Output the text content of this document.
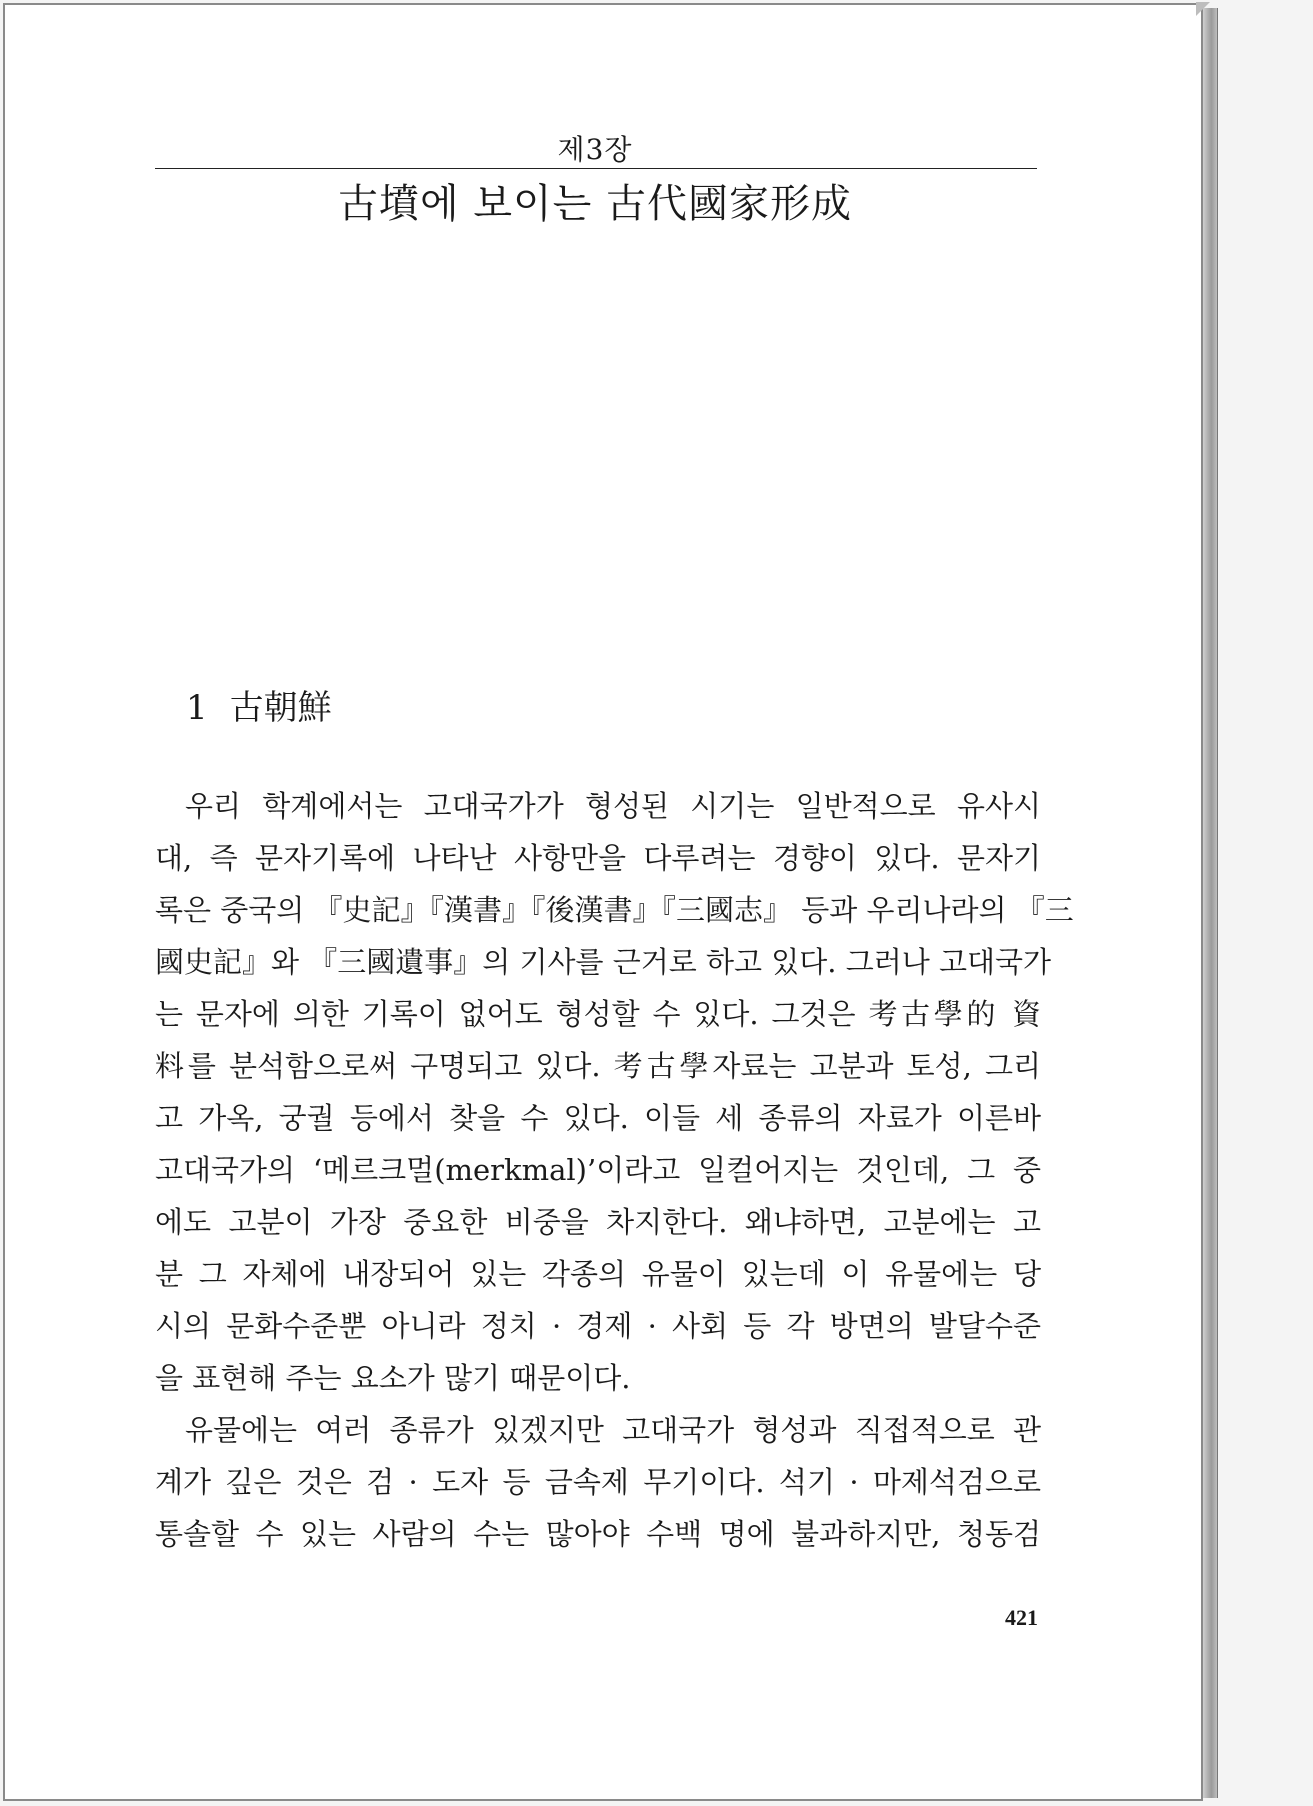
제3장
古墳에 보이는 古代國家形成
1 古朝鮮
우리 학계에서는 고대국가가 형성된 시기는 일반적으로 유사시
대, 즉 문자기록에 나타난 사항만을 다루려는 경향이 있다. 문자기
록은 중국의 『史記』『漢書』『後漢書』『三國志』 등과 우리나라의 『三
國史記』와 『三國遺事』의 기사를 근거로 하고 있다. 그러나 고대국가
는 문자에 의한 기록이 없어도 형성할 수 있다. 그것은 考古學的 資
料를 분석함으로써 구명되고 있다. 考古學자료는 고분과 토성, 그리
고 가옥, 궁궐 등에서 찾을 수 있다. 이들 세 종류의 자료가 이른바
고대국가의 ‘메르크멀(merkmal)’이라고 일컬어지는 것인데, 그 중
에도 고분이 가장 중요한 비중을 차지한다. 왜냐하면, 고분에는 고
분 그 자체에 내장되어 있는 각종의 유물이 있는데 이 유물에는 당
시의 문화수준뿐 아니라 정치 · 경제 · 사회 등 각 방면의 발달수준
을 표현해 주는 요소가 많기 때문이다.
유물에는 여러 종류가 있겠지만 고대국가 형성과 직접적으로 관
계가 깊은 것은 검 · 도자 등 금속제 무기이다. 석기 · 마제석검으로
통솔할 수 있는 사람의 수는 많아야 수백 명에 불과하지만, 청동검
421
